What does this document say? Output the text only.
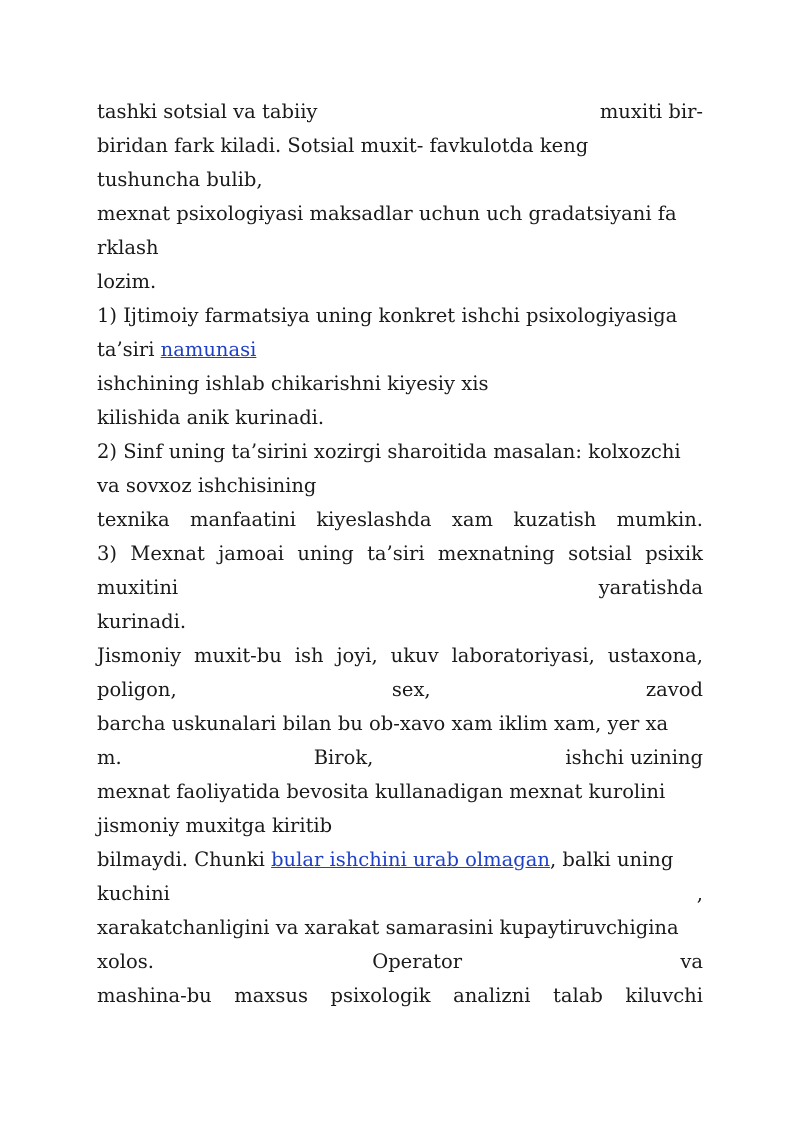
tashki sotsial va tabiiy	muxiti bir-
biridan fark kiladi. Sotsial muxit- favkulotda keng
tushuncha bulib,
mexnat psixologiyasi maksadlar uchun uch gradatsiyani fa
rklash
lozim.
1) Ijtimoiy farmatsiya uning konkret ishchi psixologiyasiga
ta’siri namunasi
ishchining ishlab chikarishni kiyesiy xis
kilishida anik kurinadi.
2) Sinf uning ta’sirini xozirgi sharoitida masalan: kolxozchi
va sovxoz ishchisining
texnika manfaatini kiyeslashda xam kuzatish mumkin.
3) Mexnat jamoai uning ta’siri mexnatning sotsial psixik
muxitini	yaratishda
kurinadi.
Jismoniy muxit-bu ish joyi, ukuv laboratoriyasi, ustaxona,
poligon,	sex,	zavod
barcha uskunalari bilan bu ob-xavo xam iklim xam, yer xa
m.	Birok,	ishchi uzining
mexnat faoliyatida bevosita kullanadigan mexnat kurolini
jismoniy muxitga kiritib
bilmaydi. Chunki bular ishchini urab olmagan, balki uning
kuchini	,
xarakatchanligini va xarakat samarasini kupaytiruvchigina
xolos.	Operator	va
mashina-bu maxsus psixologik analizni talab kiluvchi
